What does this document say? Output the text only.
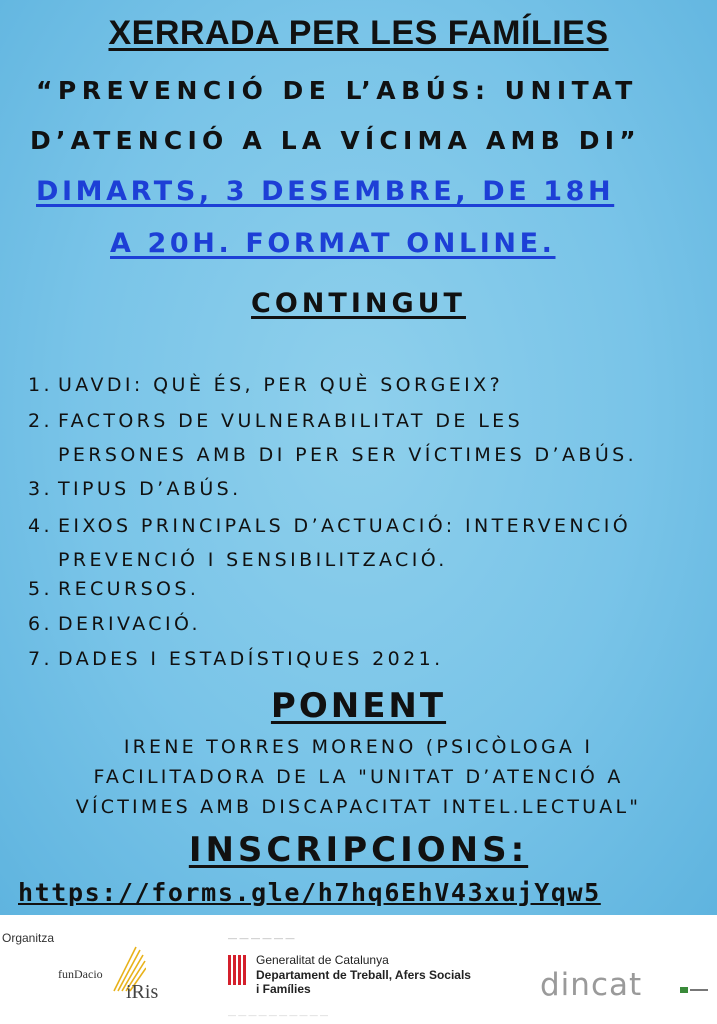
XERRADA PER LES FAMÍLIES
“PREVENCIÓ DE L’ABÚS: UNITAT
D’ATENCIÓ A LA VÍCIMA AMB DI”
DIMARTS, 3 DESEMBRE, DE 18H
A 20H. FORMAT ONLINE.
CONTINGUT
1. UAVDI: QUÈ ÉS, PER QUÈ SORGEIX?
2. FACTORS DE VULNERABILITAT DE LES
PERSONES AMB DI PER SER VÍCTIMES D’ABÚS.
3. TIPUS D’ABÚS.
4. EIXOS PRINCIPALS D’ACTUACIÓ: INTERVENCIÓ
PREVENCIÓ I SENSIBILITZACIÓ.
5. RECURSOS.
6. DERIVACIÓ.
7. DADES I ESTADÍSTIQUES 2021.
PONENT
IRENE TORRES MORENO (PSICÒLOGA I
FACILITADORA DE LA "UNITAT D’ATENCIÓ A
VÍCTIMES AMB DISCAPACITAT INTEL.LECTUAL"
INSCRIPCIONS:
https://forms.gle/h7hq6EhV43xujYqw5
Organitza
funDacio
iRis
— — — — — —
Generalitat de Catalunya
Departament de Treball, Afers Socials
i Famílies	dincat
— — — — — — — — — —
